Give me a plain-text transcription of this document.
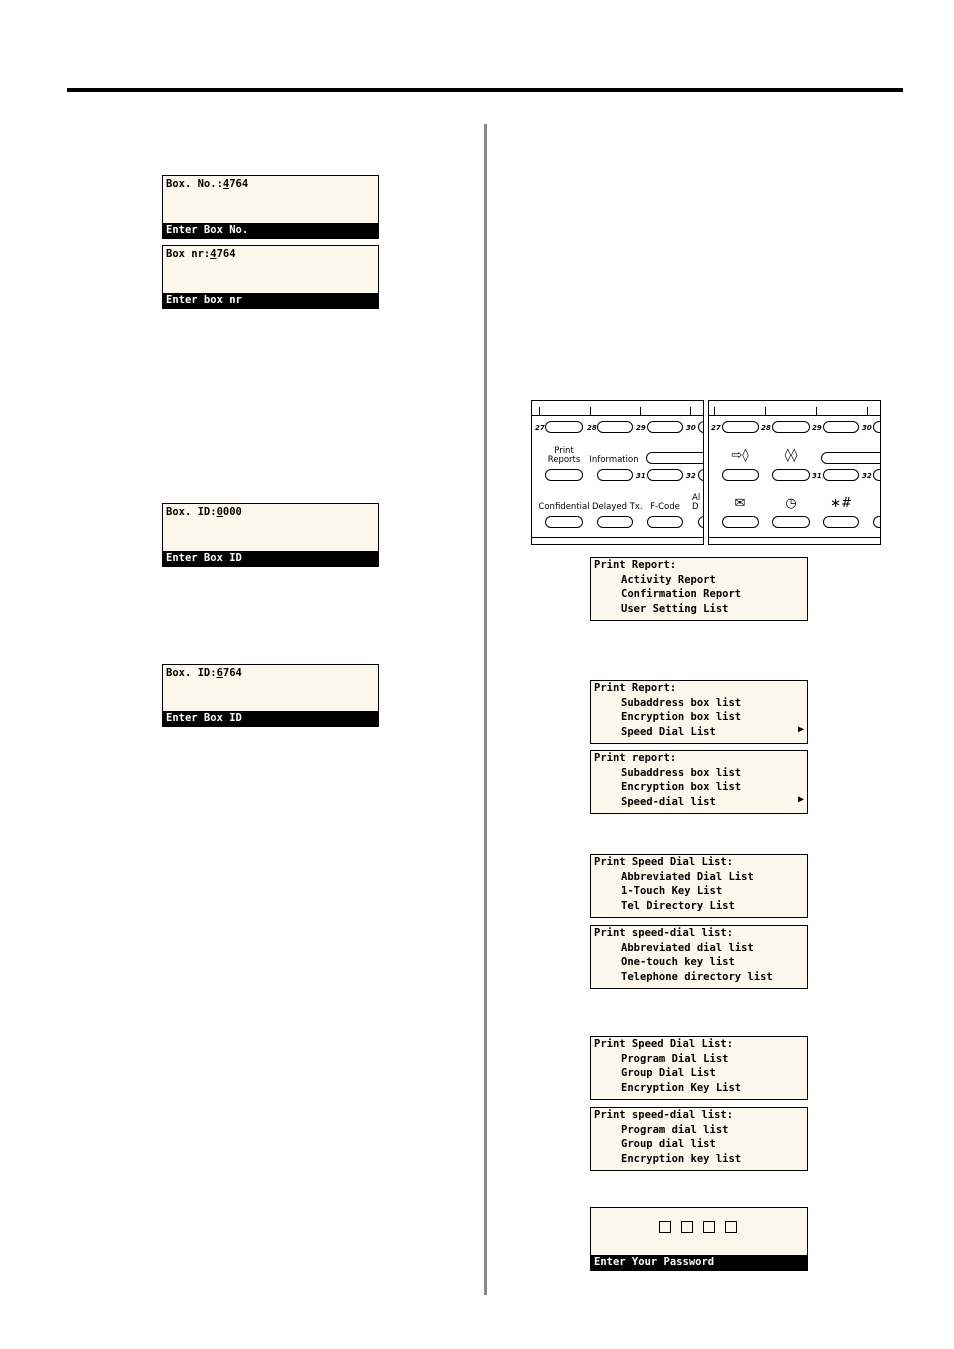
Box. No.:4764
Enter Box No.
Box nr:4764
Enter box nr
Box. ID:0000
Enter Box ID
Box. ID:6764
Enter Box ID
27	28	29	30
Print
Reports	Information
31	32
Confidential Delayed Tx. F-Code
Al
D
27	28	29	30
⇨◊	◊◊
31	32
✉	◷	∗#
Print Report:
Activity Report
Confirmation Report
User Setting List
Print Report:
Subaddress box list
Encryption box list
Speed Dial List	▶
Print report:
Subaddress box list
Encryption box list
Speed-dial list	▶
Print Speed Dial List:
Abbreviated Dial List
1-Touch Key List
Tel Directory List
Print speed-dial list:
Abbreviated dial list
One-touch key list
Telephone directory list
Print Speed Dial List:
Program Dial List
Group Dial List
Encryption Key List
Print speed-dial list:
Program dial list
Group dial list
Encryption key list
Enter Your Password
